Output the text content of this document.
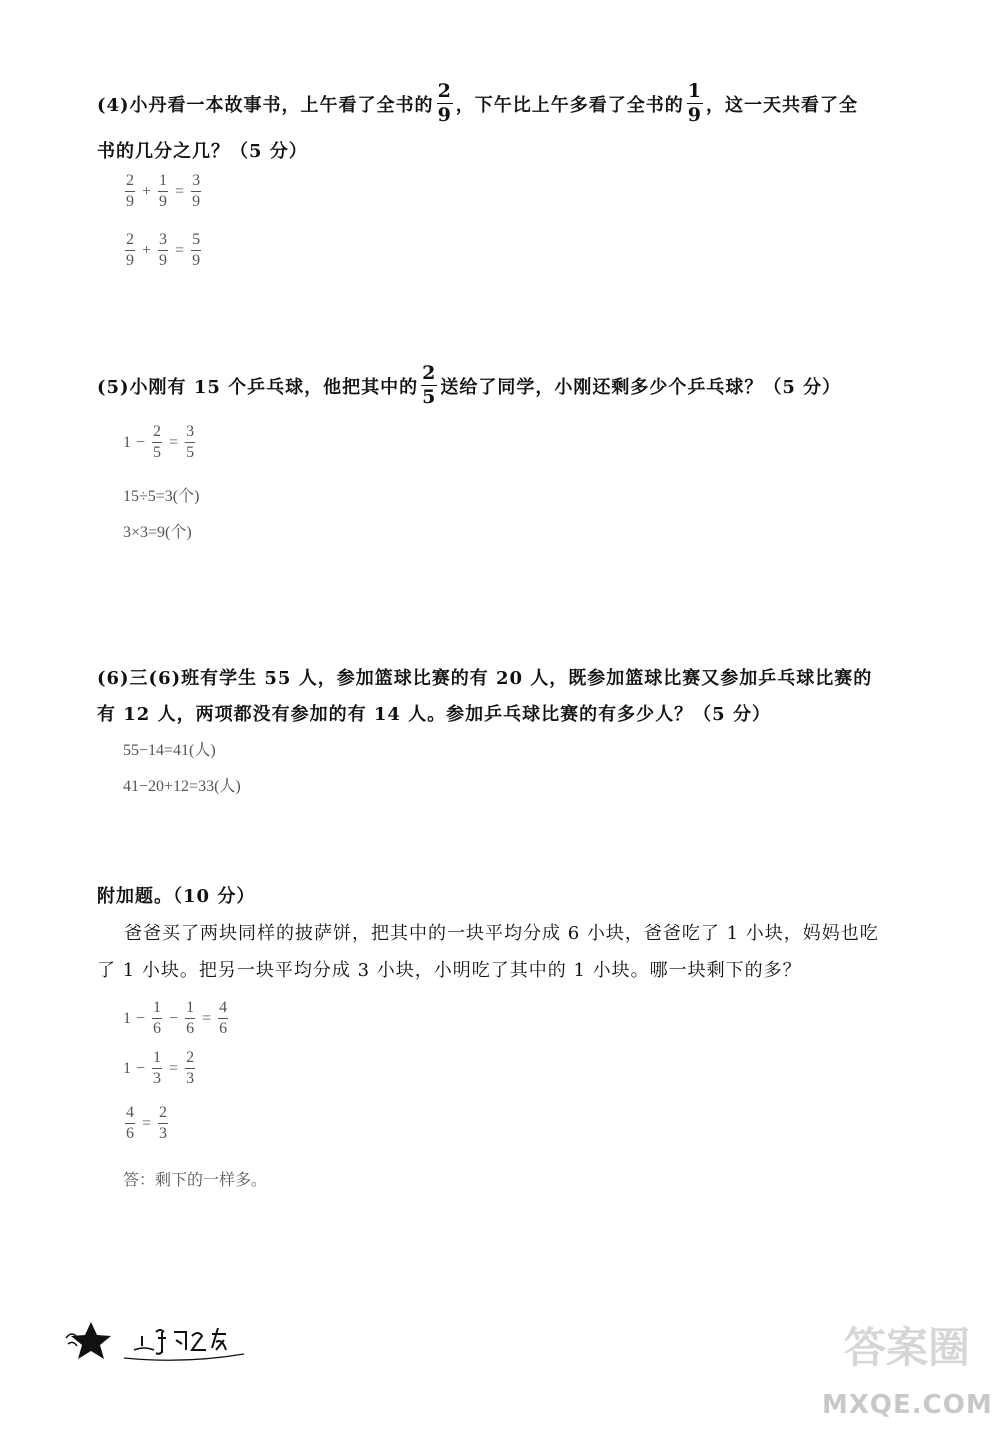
(4)小丹看一本故事书，上午看了全书的 $\frac{2}{9}$ ，下午比上午多看了全书的 $\frac{1}{9}$ ，这一天共看了全
书的几分之几？（5 分）
$\frac{2}{9} + \frac{1}{9} = \frac{3}{9}$
$\frac{2}{9} + \frac{3}{9} = \frac{5}{9}$
(5)小刚有 15 个乒乓球，他把其中的 $\frac{2}{5}$ 送给了同学，小刚还剩多少个乒乓球？（5 分）
$1 - \frac{2}{5} = \frac{3}{5}$
15÷5=3(个)
3×3=9(个)
(6)三(6)班有学生 55 人，参加篮球比赛的有 20 人，既参加篮球比赛又参加乒乓球比赛的
有 12 人，两项都没有参加的有 14 人。参加乒乓球比赛的有多少人？（5 分）
55−14=41(人)
41−20+12=33(人)
附加题。（10 分）
爸爸买了两块同样的披萨饼，把其中的一块平均分成 6 小块，爸爸吃了 1 小块，妈妈也吃
了 1 小块。把另一块平均分成 3 小块，小明吃了其中的 1 小块。哪一块剩下的多？
$1 - \frac{1}{6} - \frac{1}{6} = \frac{4}{6}$
$1 - \frac{1}{3} = \frac{2}{3}$
$\frac{4}{6} = \frac{2}{3}$
答：剩下的一样多。
答案圈
MXQE.COM
